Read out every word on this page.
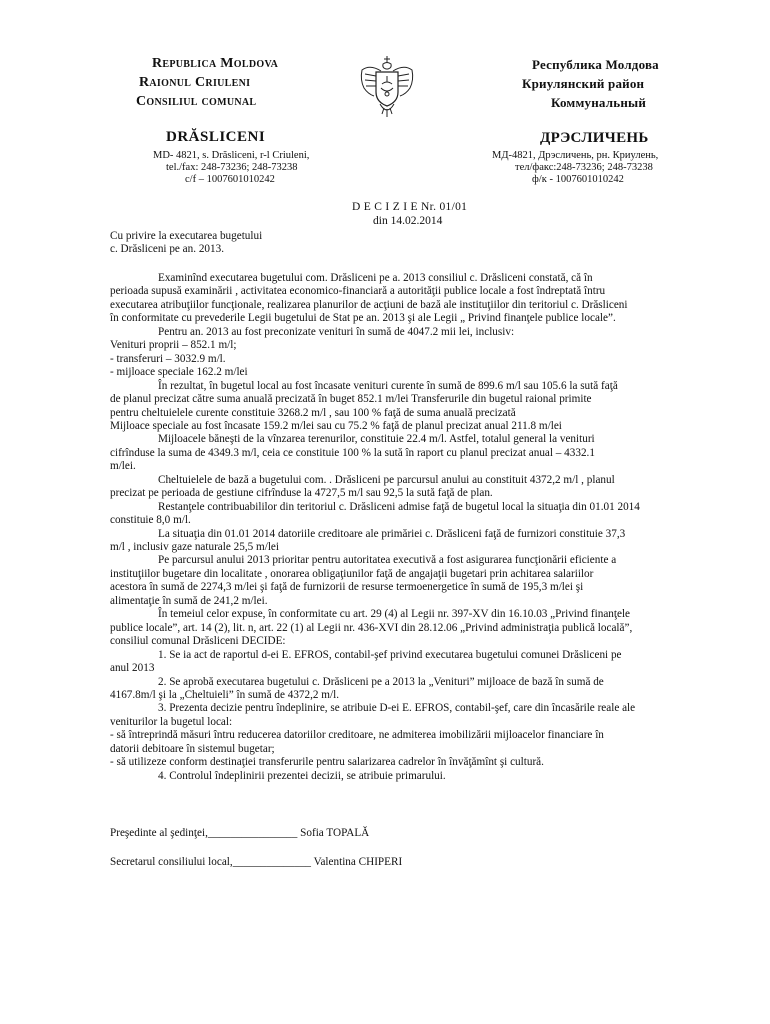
Republica Moldova
Raionul Criuleni
Consiliul comunal
DRĂSLICENI
MD- 4821, s. Drăsliceni, r-l Criuleni,
tel./fax: 248-73236; 248-73238
c/f – 1007601010242
Республика Молдова
Криулянский район
Коммунальный
ДРЭСЛИЧЕНЬ
МД-4821, Дрэсличень, рн. Криулень,
тел/факс:248-73236; 248-73238
ф/к - 1007601010242
D E C I Z I E Nr. 01/01
din 14.02.2014
Cu privire la executarea bugetului
c. Drăsliceni pe an. 2013.
Examinînd executarea bugetului com. Drăsliceni pe a. 2013 consiliul c. Drăsliceni constată, că în
perioada supusă examinării , activitatea economico-financiară a autorităţii publice locale a fost îndreptată întru
executarea atribuţiilor funcţionale, realizarea planurilor de acţiuni de bază ale instituţiilor din teritoriul c. Drăsliceni
în conformitate cu prevederile Legii bugetului de Stat pe an. 2013 şi ale Legii „ Privind finanţele publice locale”.
Pentru an. 2013 au fost preconizate venituri în sumă de 4047.2 mii lei, inclusiv:
Venituri proprii – 852.1 m/l;
- transferuri – 3032.9 m/l.
- mijloace speciale 162.2 m/lei
În rezultat, în bugetul local au fost încasate venituri curente în sumă de 899.6 m/l sau 105.6 la sută faţă
de planul precizat către suma anuală precizată în buget 852.1 m/lei Transferurile din bugetul raional primite
pentru cheltuielele curente constituie 3268.2 m/l , sau 100 % faţă de suma anuală precizată
Mijloace speciale au fost încasate 159.2 m/lei sau cu 75.2 % faţă de planul precizat anual 211.8 m/lei
Mijloacele băneşti de la vînzarea terenurilor, constituie 22.4 m/l. Astfel, totalul general la venituri
cifrînduse la suma de 4349.3 m/l, ceia ce constituie 100 % la sută în raport cu planul precizat anual – 4332.1
m/lei.
Cheltuielele de bază a bugetului com. . Drăsliceni pe parcursul anului au constituit 4372,2 m/l , planul
precizat pe perioada de gestiune cifrînduse la 4727,5 m/l sau 92,5 la sută faţă de plan.
Restanţele contribuabililor din teritoriul c. Drăsliceni admise faţă de bugetul local la situaţia din 01.01 2014
constituie 8,0 m/l.
La situaţia din 01.01 2014 datoriile creditoare ale primăriei c. Drăsliceni faţă de furnizori constituie 37,3
m/l , inclusiv gaze naturale 25,5 m/lei
Pe parcursul anului 2013 prioritar pentru autoritatea executivă a fost asigurarea funcţionării eficiente a
instituţiilor bugetare din localitate , onorarea obligaţiunilor faţă de angajaţii bugetari prin achitarea salariilor
acestora în sumă de 2274,3 m/lei şi faţă de furnizorii de resurse termoenergetice în sumă de 195,3 m/lei şi
alimentaţie în sumă de 241,2 m/lei.
În temeiul celor expuse, în conformitate cu art. 29 (4) al Legii nr. 397-XV din 16.10.03 „Privind finanţele
publice locale”, art. 14 (2), lit. n, art. 22 (1) al Legii nr. 436-XVI din 28.12.06 „Privind administraţia publică locală”,
consiliul comunal Drăsliceni DECIDE:
1. Se ia act de raportul d-ei E. EFROS, contabil-şef privind executarea bugetului comunei Drăsliceni pe
anul 2013
2. Se aprobă executarea bugetului c. Drăsliceni pe a 2013 la „Venituri” mijloace de bază în sumă de
4167.8m/l şi la „Cheltuieli” în sumă de 4372,2 m/l.
3. Prezenta decizie pentru îndeplinire, se atribuie D-ei E. EFROS, contabil-şef, care din încasările reale ale
veniturilor la bugetul local:
- să întreprindă măsuri întru reducerea datoriilor creditoare, ne admiterea imobilizării mijloacelor financiare în
datorii debitoare în sistemul bugetar;
- să utilizeze conform destinaţiei transferurile pentru salarizarea cadrelor în învăţămînt şi cultură.
4. Controlul îndeplinirii prezentei decizii, se atribuie primarului.
Preşedinte al şedinţei,________________ Sofia TOPALĂ
Secretarul consiliului local,______________ Valentina CHIPERI
